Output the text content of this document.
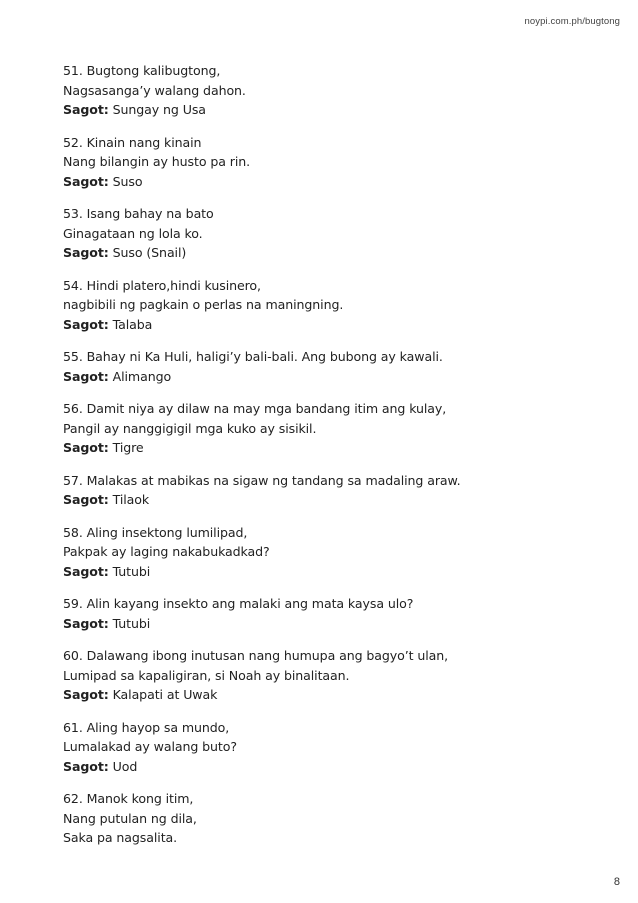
noypi.com.ph/bugtong
51. Bugtong kalibugtong,
Nagsasanga’y walang dahon.
Sagot: Sungay ng Usa
52. Kinain nang kinain
Nang bilangin ay husto pa rin.
Sagot: Suso
53. Isang bahay na bato
Ginagataan ng lola ko.
Sagot: Suso (Snail)
54. Hindi platero,hindi kusinero,
nagbibili ng pagkain o perlas na maningning.
Sagot: Talaba
55. Bahay ni Ka Huli, haligi’y bali-bali. Ang bubong ay kawali.
Sagot: Alimango
56. Damit niya ay dilaw na may mga bandang itim ang kulay,
Pangil ay nanggigigil mga kuko ay sisikil.
Sagot: Tigre
57. Malakas at mabikas na sigaw ng tandang sa madaling araw.
Sagot: Tilaok
58. Aling insektong lumilipad,
Pakpak ay laging nakabukadkad?
Sagot: Tutubi
59. Alin kayang insekto ang malaki ang mata kaysa ulo?
Sagot: Tutubi
60. Dalawang ibong inutusan nang humupa ang bagyo’t ulan,
Lumipad sa kapaligiran, si Noah ay binalitaan.
Sagot: Kalapati at Uwak
61. Aling hayop sa mundo,
Lumalakad ay walang buto?
Sagot: Uod
62. Manok kong itim,
Nang putulan ng dila,
Saka pa nagsalita.
8
